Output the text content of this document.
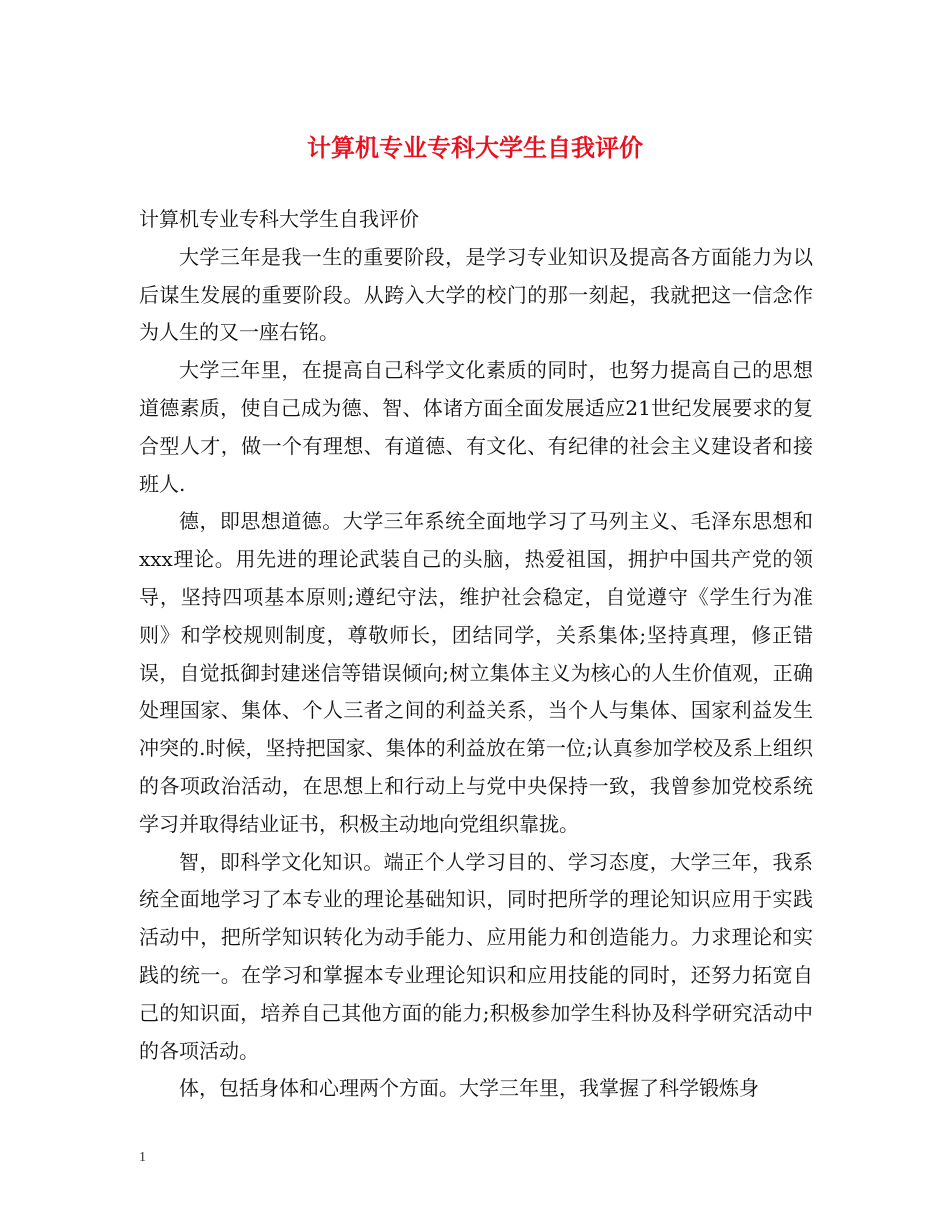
计算机专业专科大学生自我评价

计算机专业专科大学生自我评价

大学三年是我一生的重要阶段，是学习专业知识及提高各方面能力为以后谋生发展的重要阶段。从跨入大学的校门的那一刻起，我就把这一信念作为人生的又一座右铭。

大学三年里，在提高自己科学文化素质的同时，也努力提高自己的思想道德素质，使自己成为德、智、体诸方面全面发展适应21世纪发展要求的复合型人才，做一个有理想、有道德、有文化、有纪律的社会主义建设者和接班人.

德，即思想道德。大学三年系统全面地学习了马列主义、毛泽东思想和xxx理论。用先进的理论武装自己的头脑，热爱祖国，拥护中国共产党的领导，坚持四项基本原则;遵纪守法，维护社会稳定，自觉遵守《学生行为准则》和学校规则制度，尊敬师长，团结同学，关系集体;坚持真理，修正错误，自觉抵御封建迷信等错误倾向;树立集体主义为核心的人生价值观，正确处理国家、集体、个人三者之间的利益关系，当个人与集体、国家利益发生冲突的.时候，坚持把国家、集体的利益放在第一位;认真参加学校及系上组织的各项政治活动，在思想上和行动上与党中央保持一致，我曾参加党校系统学习并取得结业证书，积极主动地向党组织靠拢。

智，即科学文化知识。端正个人学习目的、学习态度，大学三年，我系统全面地学习了本专业的理论基础知识，同时把所学的理论知识应用于实践活动中，把所学知识转化为动手能力、应用能力和创造能力。力求理论和实践的统一。在学习和掌握本专业理论知识和应用技能的同时，还努力拓宽自己的知识面，培养自己其他方面的能力;积极参加学生科协及科学研究活动中的各项活动。

体，包括身体和心理两个方面。大学三年里，我掌握了科学锻炼身

1
